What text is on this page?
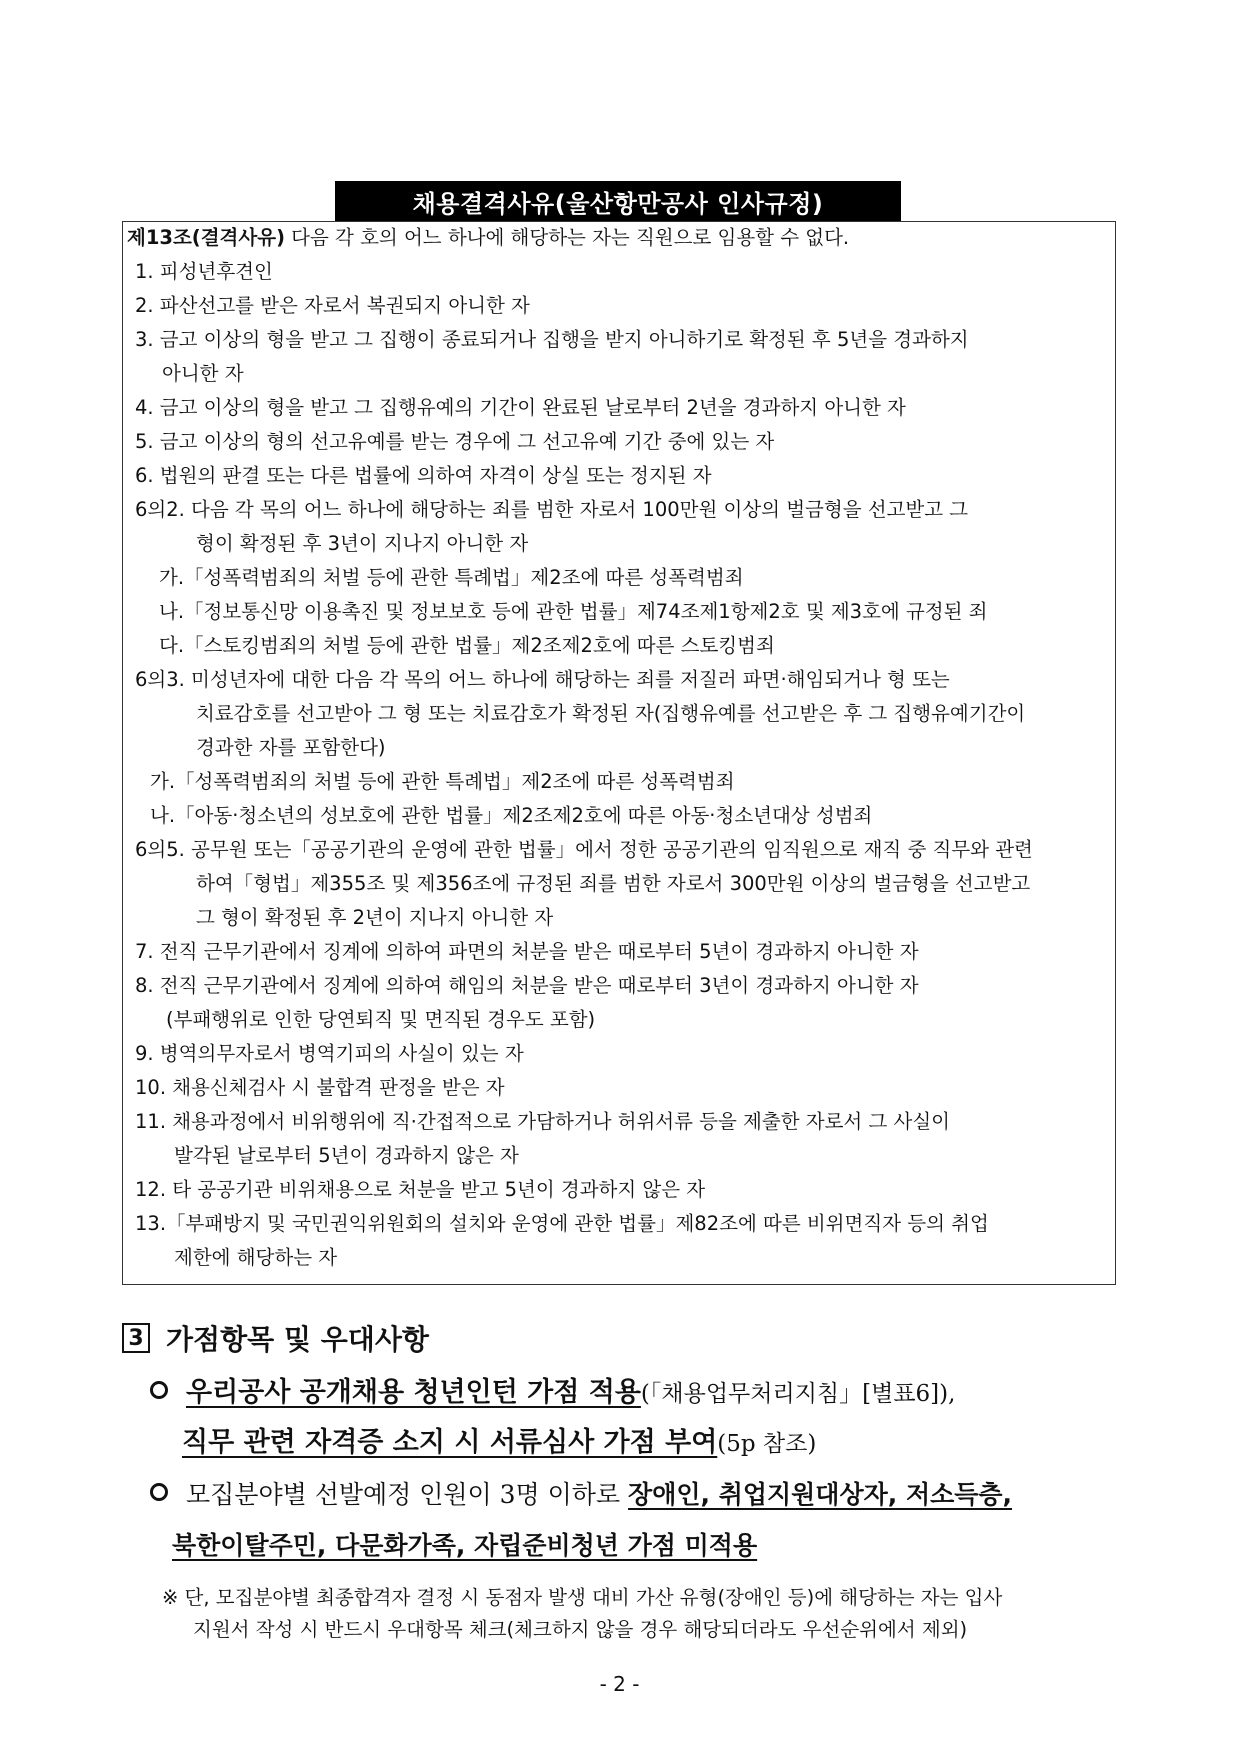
채용결격사유(울산항만공사 인사규정)
제13조(결격사유) 다음 각 호의 어느 하나에 해당하는 자는 직원으로 임용할 수 없다.
1. 피성년후견인
2. 파산선고를 받은 자로서 복권되지 아니한 자
3. 금고 이상의 형을 받고 그 집행이 종료되거나 집행을 받지 아니하기로 확정된 후 5년을 경과하지
아니한 자
4. 금고 이상의 형을 받고 그 집행유예의 기간이 완료된 날로부터 2년을 경과하지 아니한 자
5. 금고 이상의 형의 선고유예를 받는 경우에 그 선고유예 기간 중에 있는 자
6. 법원의 판결 또는 다른 법률에 의하여 자격이 상실 또는 정지된 자
6의2. 다음 각 목의 어느 하나에 해당하는 죄를 범한 자로서 100만원 이상의 벌금형을 선고받고 그
형이 확정된 후 3년이 지나지 아니한 자
가.「성폭력범죄의 처벌 등에 관한 특례법」제2조에 따른 성폭력범죄
나.「정보통신망 이용촉진 및 정보보호 등에 관한 법률」제74조제1항제2호 및 제3호에 규정된 죄
다.「스토킹범죄의 처벌 등에 관한 법률」제2조제2호에 따른 스토킹범죄
6의3. 미성년자에 대한 다음 각 목의 어느 하나에 해당하는 죄를 저질러 파면‧해임되거나 형 또는
치료감호를 선고받아 그 형 또는 치료감호가 확정된 자(집행유예를 선고받은 후 그 집행유예기간이
경과한 자를 포함한다)
가.「성폭력범죄의 처벌 등에 관한 특례법」제2조에 따른 성폭력범죄
나.「아동‧청소년의 성보호에 관한 법률」제2조제2호에 따른 아동‧청소년대상 성범죄
6의5. 공무원 또는「공공기관의 운영에 관한 법률」에서 정한 공공기관의 임직원으로 재직 중 직무와 관련
하여「형법」제355조 및 제356조에 규정된 죄를 범한 자로서 300만원 이상의 벌금형을 선고받고
그 형이 확정된 후 2년이 지나지 아니한 자
7. 전직 근무기관에서 징계에 의하여 파면의 처분을 받은 때로부터 5년이 경과하지 아니한 자
8. 전직 근무기관에서 징계에 의하여 해임의 처분을 받은 때로부터 3년이 경과하지 아니한 자
(부패행위로 인한 당연퇴직 및 면직된 경우도 포함)
9. 병역의무자로서 병역기피의 사실이 있는 자
10. 채용신체검사 시 불합격 판정을 받은 자
11. 채용과정에서 비위행위에 직·간접적으로 가담하거나 허위서류 등을 제출한 자로서 그 사실이
발각된 날로부터 5년이 경과하지 않은 자
12. 타 공공기관 비위채용으로 처분을 받고 5년이 경과하지 않은 자
13.「부패방지 및 국민권익위원회의 설치와 운영에 관한 법률」제82조에 따른 비위면직자 등의 취업
제한에 해당하는 자
3 가점항목 및 우대사항
우리공사 공개채용 청년인턴 가점 적용(「채용업무처리지침」[별표6]),
직무 관련 자격증 소지 시 서류심사 가점 부여(5p 참조)
모집분야별 선발예정 인원이 3명 이하로 장애인, 취업지원대상자, 저소득층,
북한이탈주민, 다문화가족, 자립준비청년 가점 미적용
※ 단, 모집분야별 최종합격자 결정 시 동점자 발생 대비 가산 유형(장애인 등)에 해당하는 자는 입사
지원서 작성 시 반드시 우대항목 체크(체크하지 않을 경우 해당되더라도 우선순위에서 제외)
- 2 -
